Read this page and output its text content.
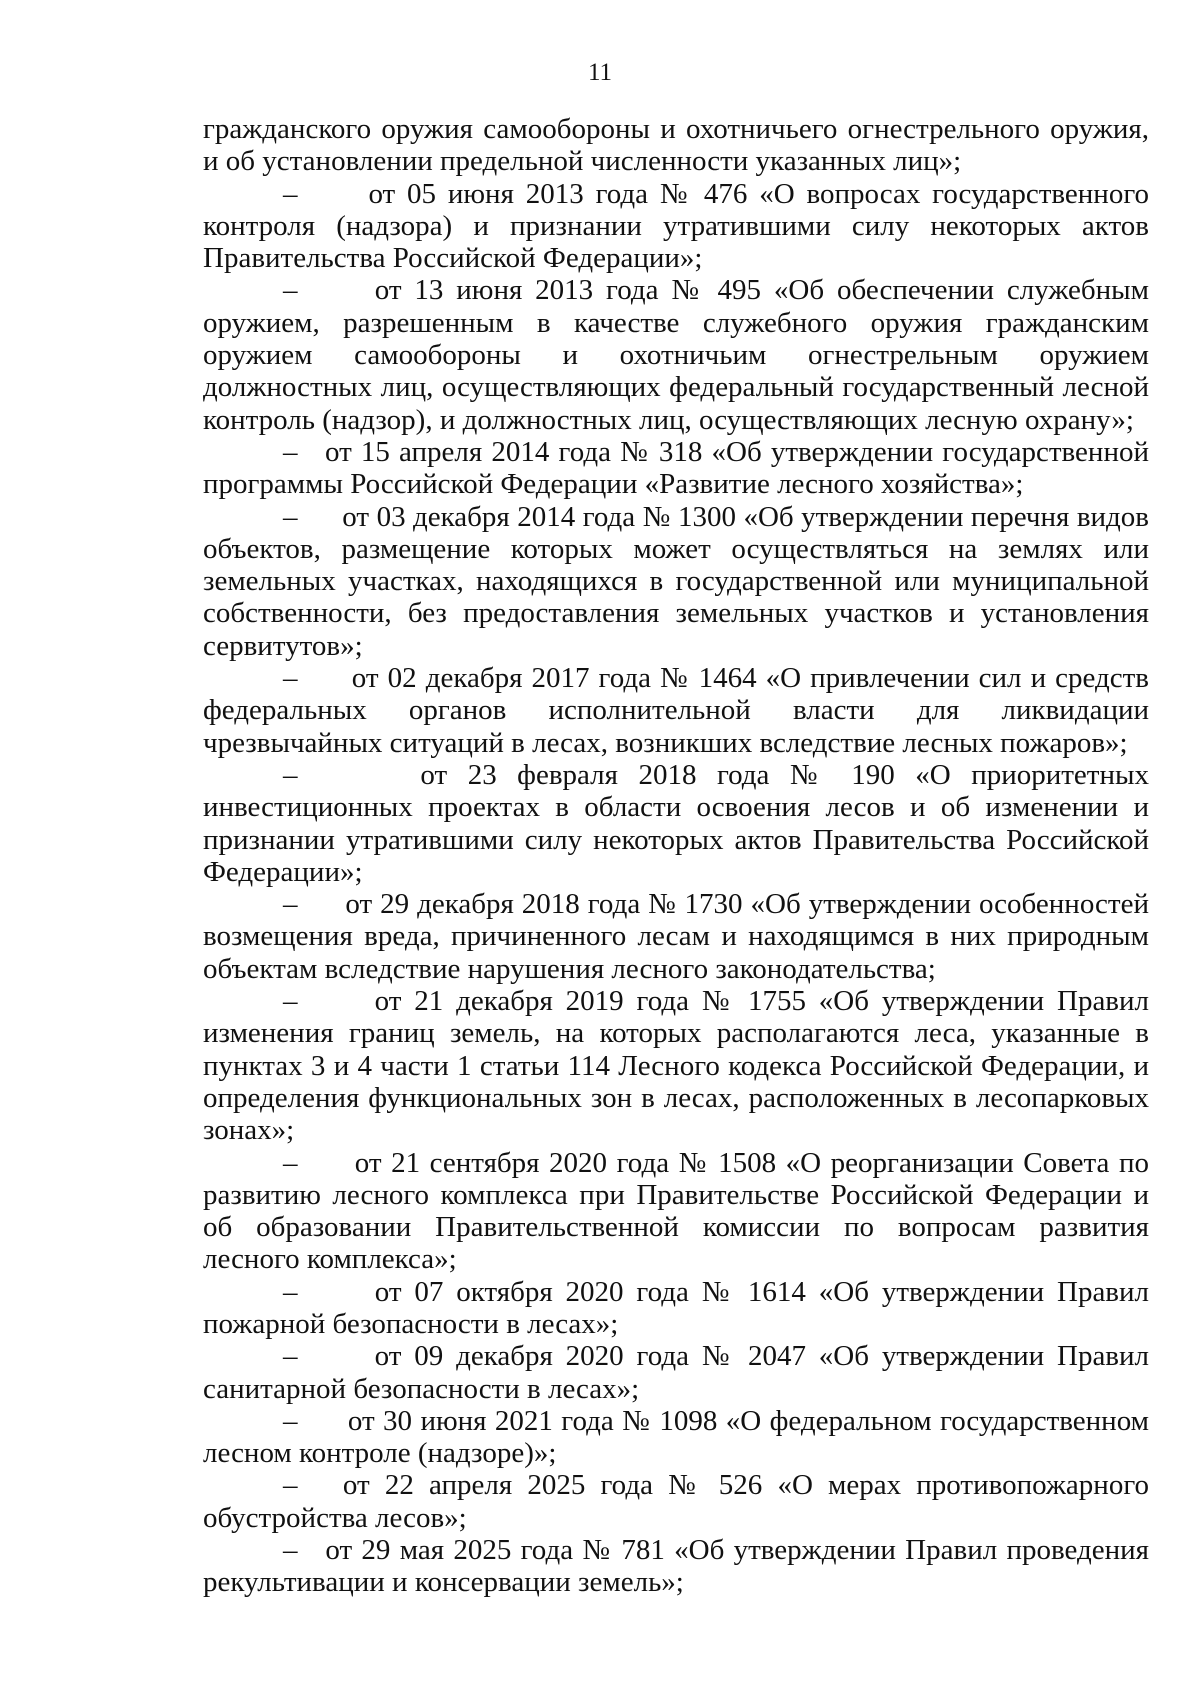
11

гражданского оружия самообороны и охотничьего огнестрельного оружия, и об установлении предельной численности указанных лиц»;

–      от 05 июня 2013 года № 476 «О вопросах государственного контроля (надзора) и признании утратившими силу некоторых актов Правительства Российской Федерации»;

–      от 13 июня 2013 года № 495 «Об обеспечении служебным оружием, разрешенным в качестве служебного оружия гражданским оружием самообороны и охотничьим огнестрельным оружием должностных лиц, осуществляющих федеральный государственный лесной контроль (надзор), и должностных лиц, осуществляющих лесную охрану»;

–   от 15 апреля 2014 года № 318 «Об утверждении государственной программы Российской Федерации «Развитие лесного хозяйства»;

–      от 03 декабря 2014 года № 1300 «Об утверждении перечня видов объектов, размещение которых может осуществляться на землях или земельных участках, находящихся в государственной или муниципальной собственности, без предоставления земельных участков и установления сервитутов»;

–      от 02 декабря 2017 года № 1464 «О привлечении сил и средств федеральных органов исполнительной власти для ликвидации чрезвычайных ситуаций в лесах, возникших вследствие лесных пожаров»;

–      от 23 февраля 2018 года № 190 «О приоритетных инвестиционных проектах в области освоения лесов и об изменении и признании утратившими силу некоторых актов Правительства Российской Федерации»;

–      от 29 декабря 2018 года № 1730 «Об утверждении особенностей возмещения вреда, причиненного лесам и находящимся в них природным объектам вследствие нарушения лесного законодательства;

–      от 21 декабря 2019 года № 1755 «Об утверждении Правил изменения границ земель, на которых располагаются леса, указанные в пунктах 3 и 4 части 1 статьи 114 Лесного кодекса Российской Федерации, и определения функциональных зон в лесах, расположенных в лесопарковых зонах»;

–      от 21 сентября 2020 года № 1508 «О реорганизации Совета по развитию лесного комплекса при Правительстве Российской Федерации и об образовании Правительственной комиссии по вопросам развития лесного комплекса»;

–      от 07 октября 2020 года № 1614 «Об утверждении Правил пожарной безопасности в лесах»;

–      от 09 декабря 2020 года № 2047 «Об утверждении Правил санитарной безопасности в лесах»;

–      от 30 июня 2021 года № 1098 «О федеральном государственном лесном контроле (надзоре)»;

–   от 22 апреля 2025 года № 526 «О мерах противопожарного обустройства лесов»;

–   от 29 мая 2025 года № 781 «Об утверждении Правил проведения рекультивации и консервации земель»;
